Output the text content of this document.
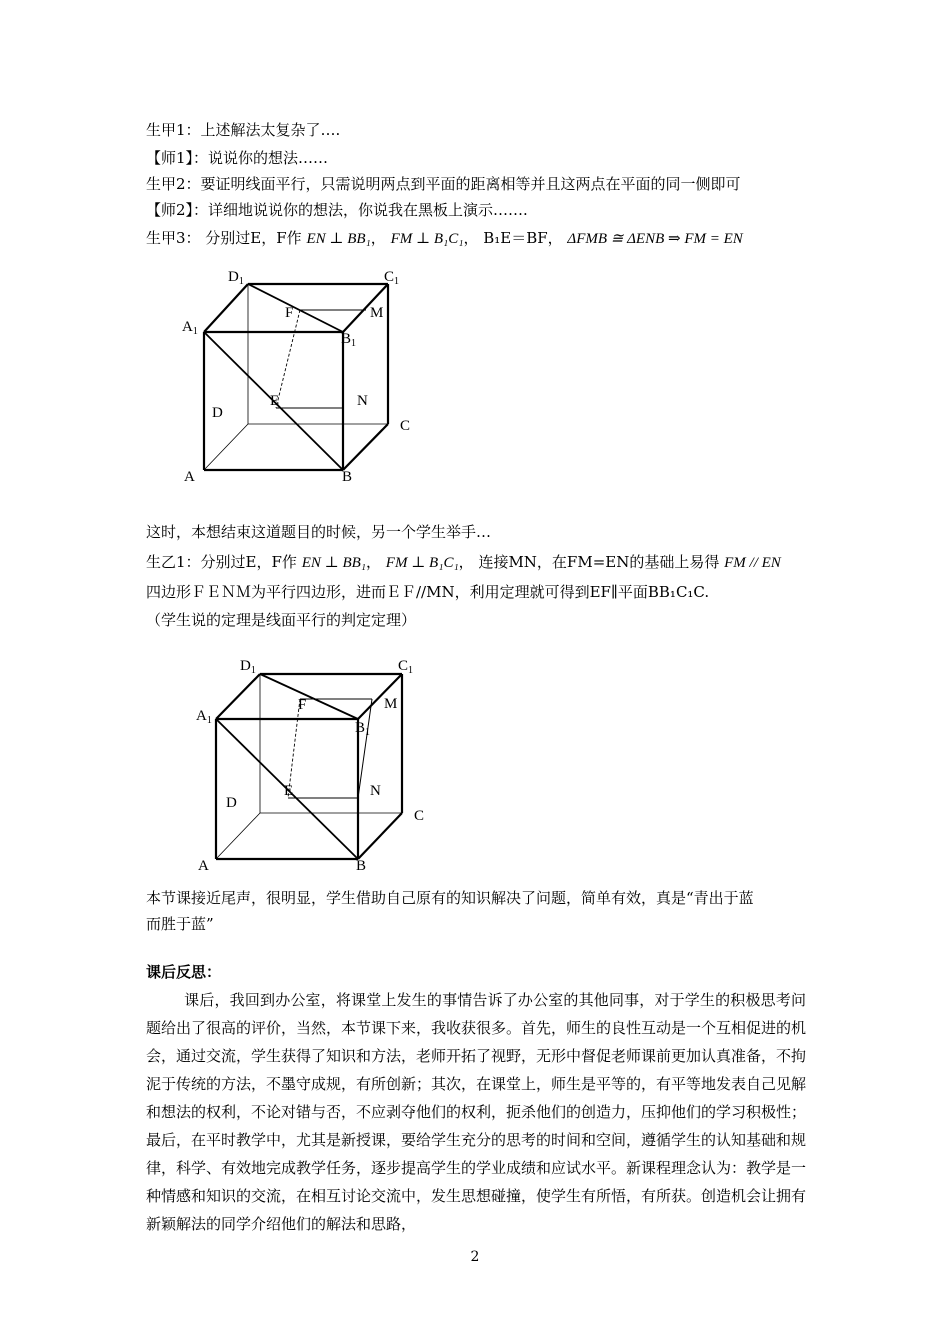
生甲1：上述解法太复杂了….
【师1】：说说你的想法……
生甲2：要证明线面平行，只需说明两点到平面的距离相等并且这两点在平面的同一侧即可
【师2】：详细地说说你的想法，你说我在黑板上演示…….
生甲3： 分别过E，F作 EN ⊥ BB₁， FM ⊥ B₁C₁， B₁E＝BF， ΔFMB ≅ ΔENB ⇒ FM = EN
$D_1$	$C_1$
$A_1$	$B_1$
F	M
E	N
D
C
A	B
$D_1$	$C_1$
$A_1$	$B_1$
F	M
E	N
D
C
A	B
这时，本想结束这道题目的时候，另一个学生举手…
生乙1：分别过E，F作 EN ⊥ BB₁， FM ⊥ B₁C₁， 连接MN，在FM=EN的基础上易得 FM // EN
四边形ＦＥＮＭ为平行四边形，进而ＥＦ//MN，利用定理就可得到EF∥平面BB₁C₁C.
（学生说的定理是线面平行的判定定理）
本节课接近尾声，很明显，学生借助自己原有的知识解决了问题，简单有效，真是“青出于蓝
而胜于蓝”
课后反思：
课后，我回到办公室，将课堂上发生的事情告诉了办公室的其他同事，对于学生的积极思考问题给出了很高的评价，当然，本节课下来，我收获很多。首先，师生的良性互动是一个互相促进的机会，通过交流，学生获得了知识和方法，老师开拓了视野，无形中督促老师课前更加认真准备，不拘泥于传统的方法，不墨守成规，有所创新；其次，在课堂上，师生是平等的，有平等地发表自己见解和想法的权利，不论对错与否，不应剥夺他们的权利，扼杀他们的创造力，压抑他们的学习积极性；最后，在平时教学中，尤其是新授课，要给学生充分的思考的时间和空间，遵循学生的认知基础和规律，科学、有效地完成教学任务，逐步提高学生的学业成绩和应试水平。新课程理念认为：教学是一种情感和知识的交流，在相互讨论交流中，发生思想碰撞，使学生有所悟，有所获。创造机会让拥有新颖解法的同学介绍他们的解法和思路，
2
